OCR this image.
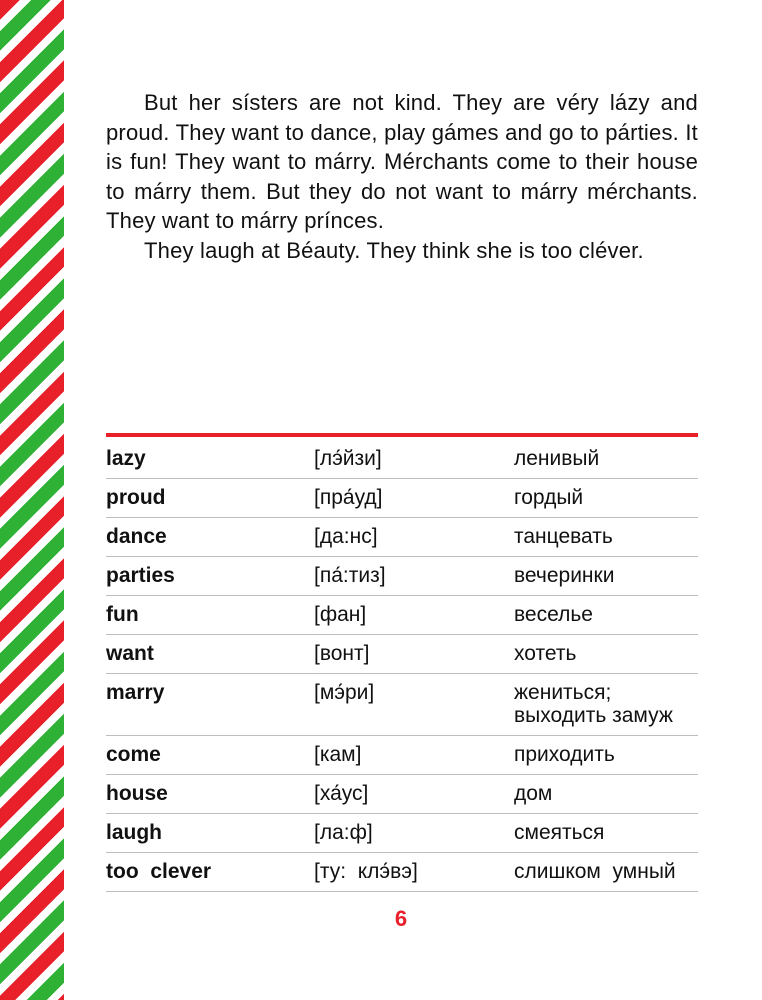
But her sísters are not kind. They are véry lázy and proud. They want to dance, play gámes and go to párties. It is fun! They want to márry. Mérchants come to their house to márry them. But they do not want to márry mérchants. They want to márry prínces.

They laugh at Béauty. They think she is too cléver.

lazy	[лэ́йзи]	ленивый
proud	[пра́уд]	гордый
dance	[да:нс]	танцевать
parties	[па́:тиз]	вечеринки
fun	[фан]	веселье
want	[вонт]	хотеть
marry	[мэ́ри]	жениться; выходить замуж
come	[кам]	приходить
house	[ха́ус]	дом
laugh	[ла:ф]	смеяться
too  clever	[ту:  клэ́вэ]	слишком  умный
6
